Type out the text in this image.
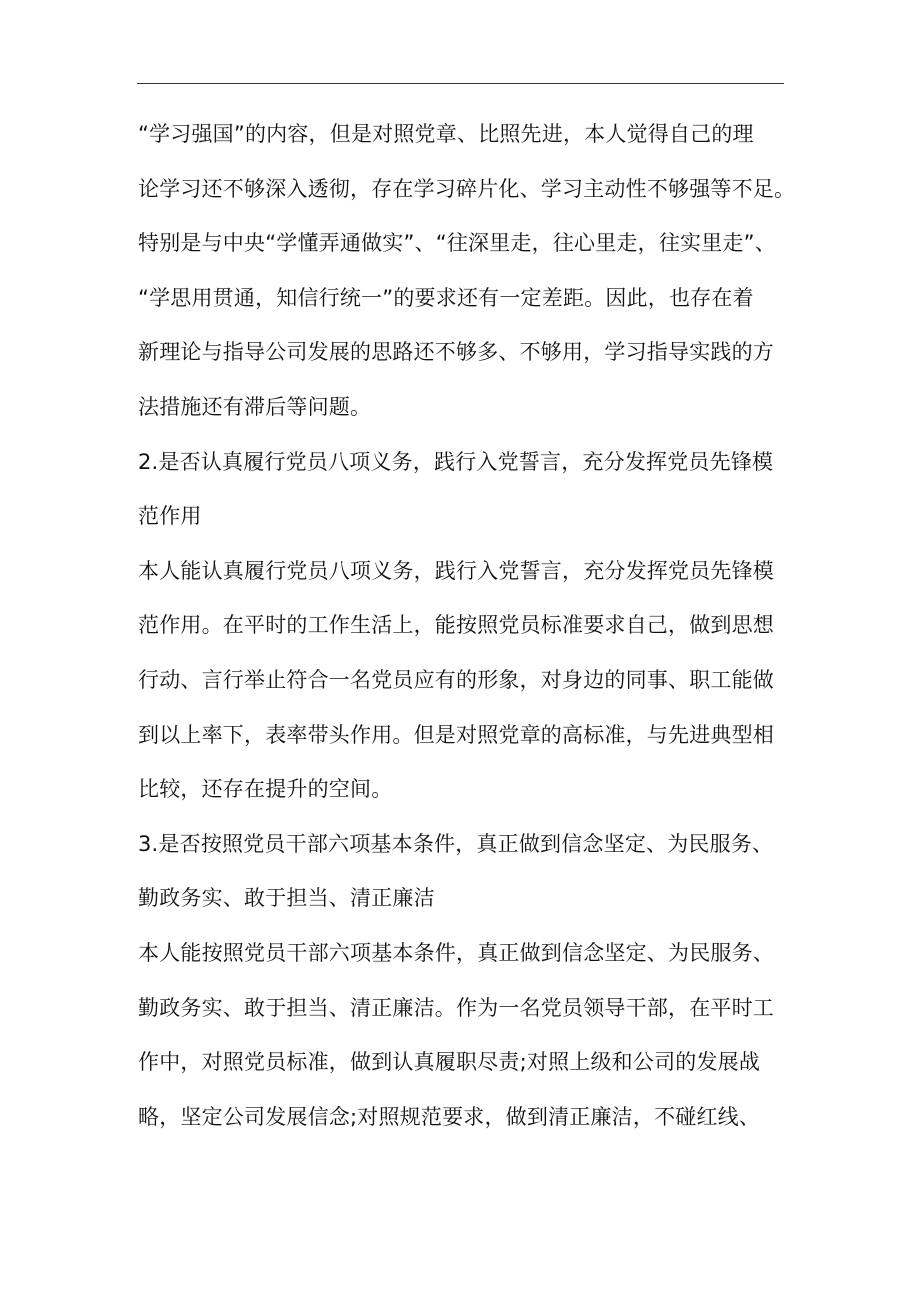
“学习强国”的内容，但是对照党章、比照先进，本人觉得自己的理
论学习还不够深入透彻，存在学习碎片化、学习主动性不够强等不足。
特别是与中央“学懂弄通做实”、“往深里走，往心里走，往实里走”、
“学思用贯通，知信行统一”的要求还有一定差距。因此，也存在着
新理论与指导公司发展的思路还不够多、不够用，学习指导实践的方
法措施还有滞后等问题。
2.是否认真履行党员八项义务，践行入党誓言，充分发挥党员先锋模
范作用
本人能认真履行党员八项义务，践行入党誓言，充分发挥党员先锋模
范作用。在平时的工作生活上，能按照党员标准要求自己，做到思想
行动、言行举止符合一名党员应有的形象，对身边的同事、职工能做
到以上率下，表率带头作用。但是对照党章的高标准，与先进典型相
比较，还存在提升的空间。
3.是否按照党员干部六项基本条件，真正做到信念坚定、为民服务、
勤政务实、敢于担当、清正廉洁
本人能按照党员干部六项基本条件，真正做到信念坚定、为民服务、
勤政务实、敢于担当、清正廉洁。作为一名党员领导干部，在平时工
作中，对照党员标准，做到认真履职尽责;对照上级和公司的发展战
略，坚定公司发展信念;对照规范要求，做到清正廉洁，不碰红线、
